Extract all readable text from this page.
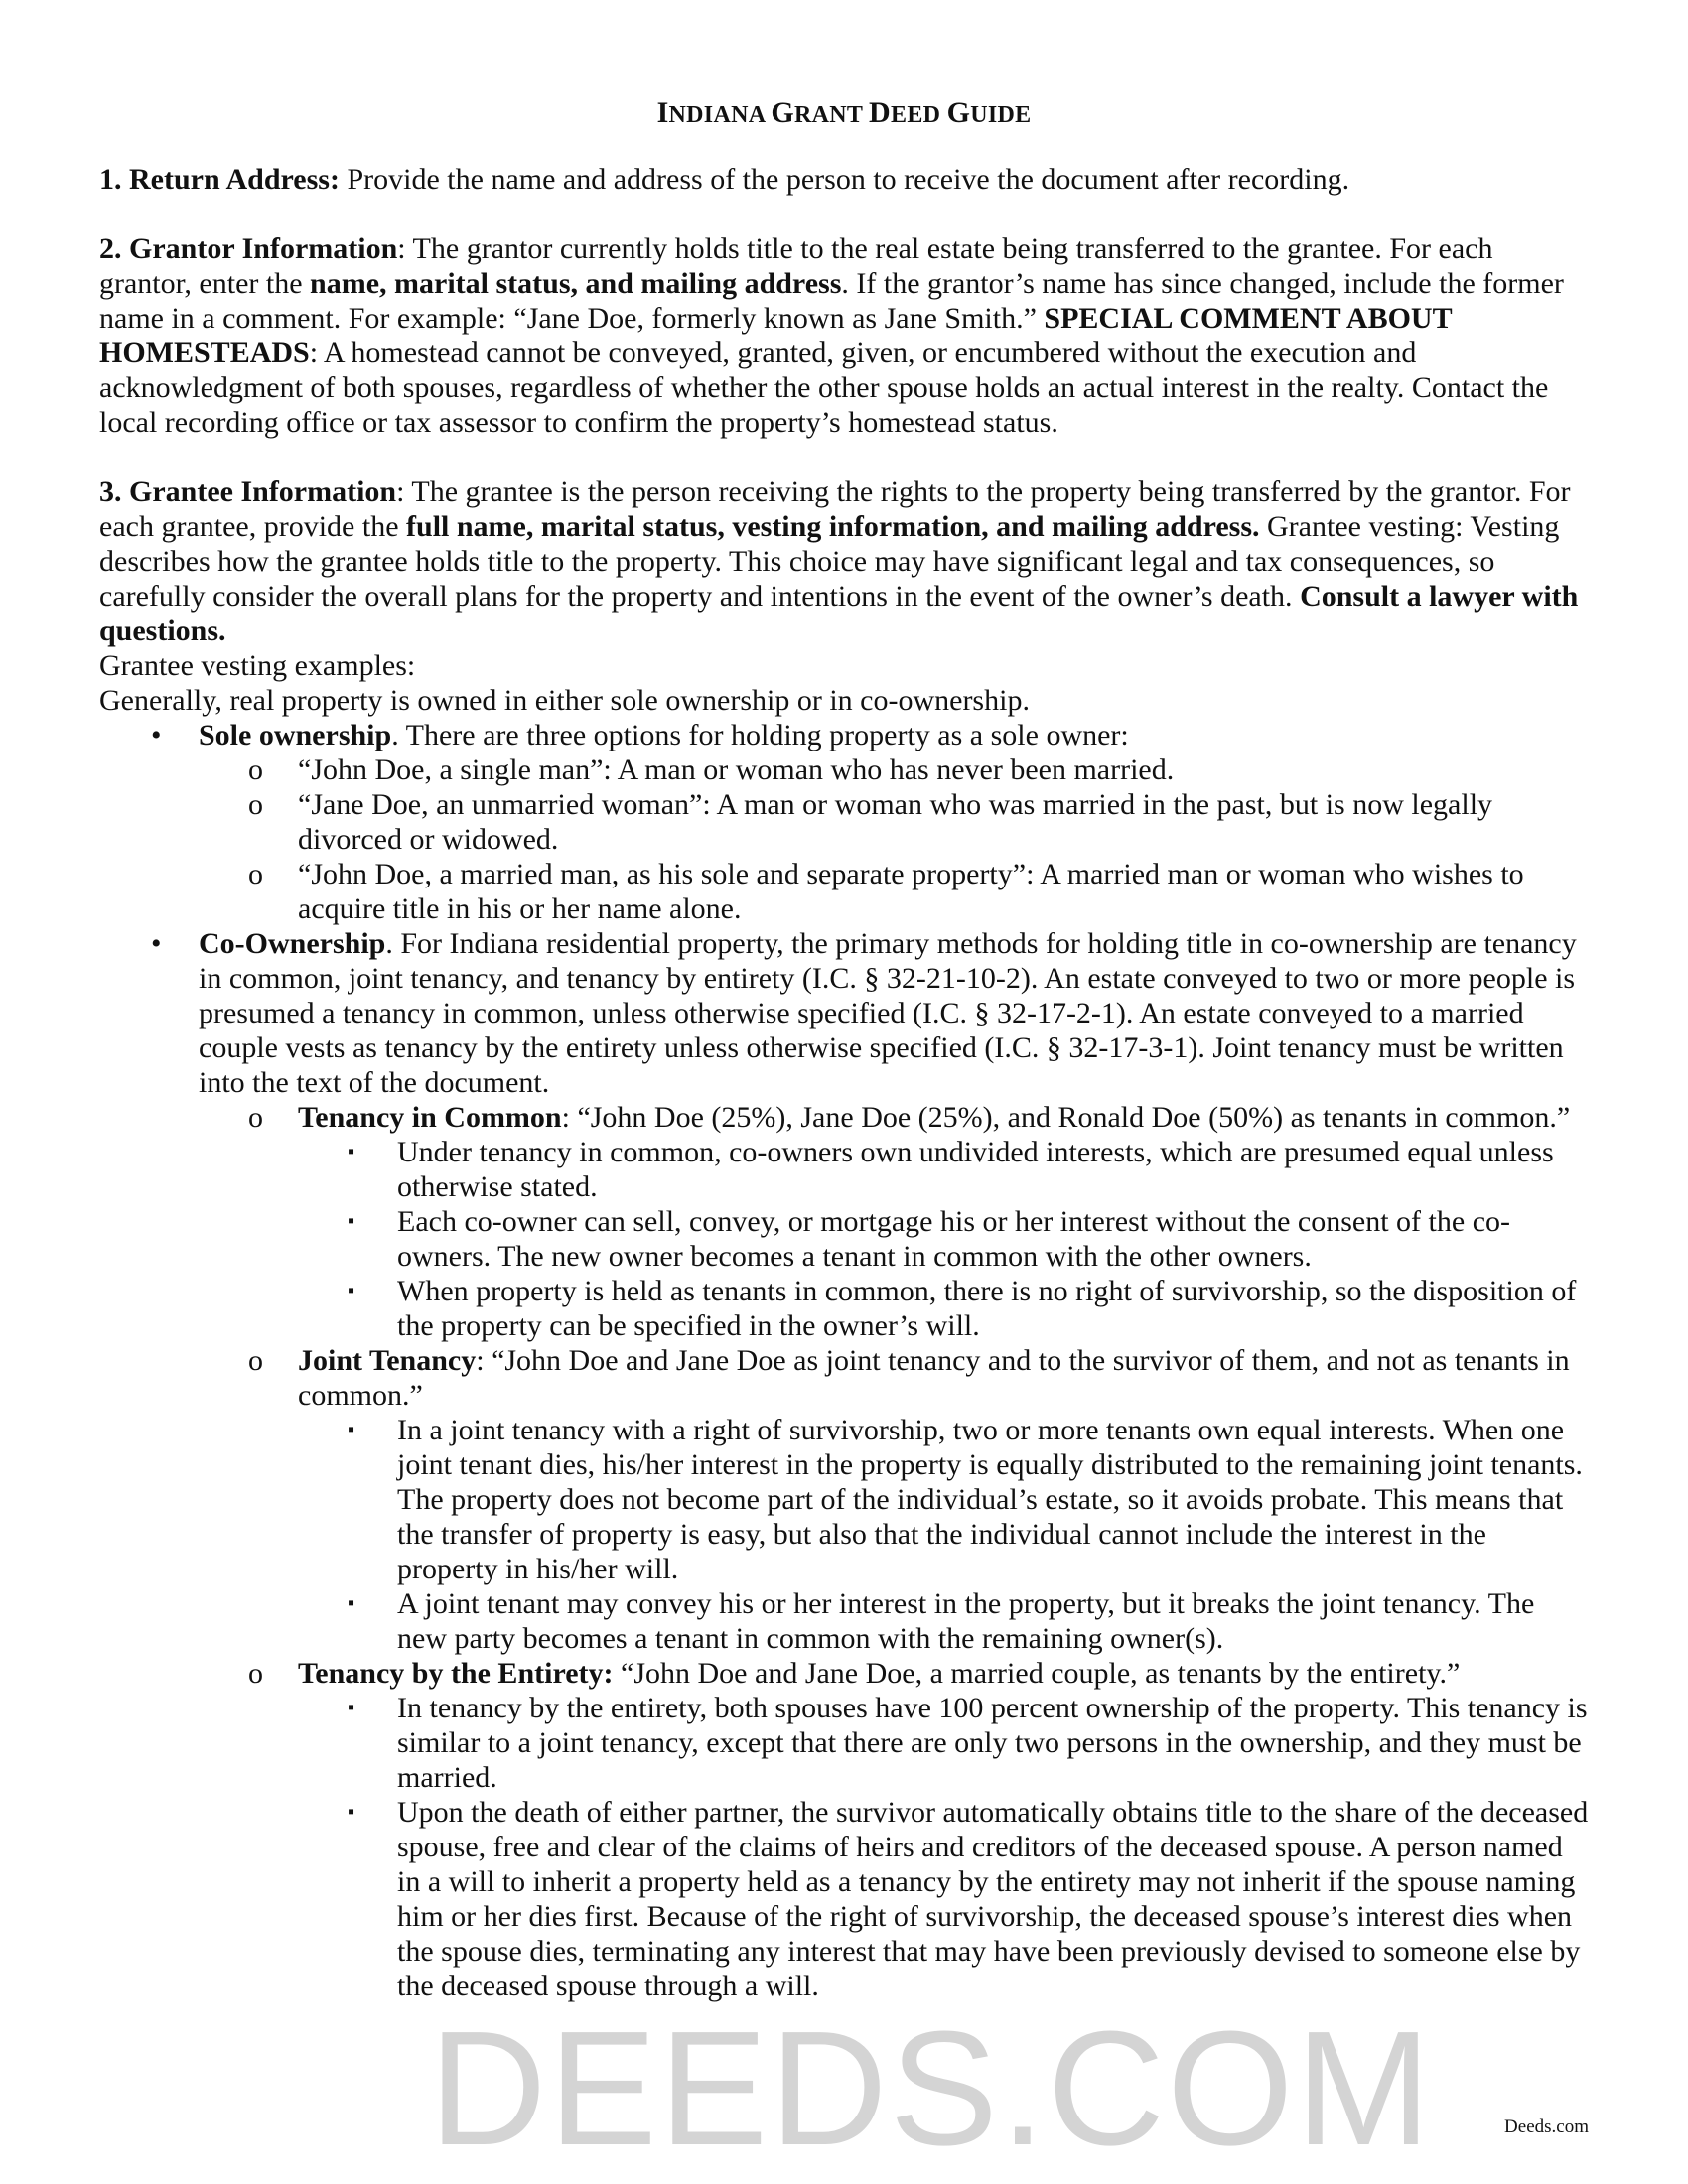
INDIANA GRANT DEED GUIDE

1. Return Address: Provide the name and address of the person to receive the document after recording.

2. Grantor Information: The grantor currently holds title to the real estate being transferred to the grantee. For each grantor, enter the name, marital status, and mailing address. If the grantor’s name has since changed, include the former name in a comment. For example: “Jane Doe, formerly known as Jane Smith.” SPECIAL COMMENT ABOUT HOMESTEADS: A homestead cannot be conveyed, granted, given, or encumbered without the execution and acknowledgment of both spouses, regardless of whether the other spouse holds an actual interest in the realty. Contact the local recording office or tax assessor to confirm the property’s homestead status.

3. Grantee Information: The grantee is the person receiving the rights to the property being transferred by the grantor. For each grantee, provide the full name, marital status, vesting information, and mailing address. Grantee vesting: Vesting describes how the grantee holds title to the property. This choice may have significant legal and tax consequences, so carefully consider the overall plans for the property and intentions in the event of the owner’s death. Consult a lawyer with questions.

Grantee vesting examples:

Generally, real property is owned in either sole ownership or in co-ownership.

• Sole ownership. There are three options for holding property as a sole owner:
o “John Doe, a single man”: A man or woman who has never been married.
o “Jane Doe, an unmarried woman”: A man or woman who was married in the past, but is now legally divorced or widowed.
o “John Doe, a married man, as his sole and separate property”: A married man or woman who wishes to acquire title in his or her name alone.
• Co-Ownership. For Indiana residential property, the primary methods for holding title in co-ownership are tenancy in common, joint tenancy, and tenancy by entirety (I.C. § 32-21-10-2). An estate conveyed to two or more people is presumed a tenancy in common, unless otherwise specified (I.C. § 32-17-2-1). An estate conveyed to a married couple vests as tenancy by the entirety unless otherwise specified (I.C. § 32-17-3-1). Joint tenancy must be written into the text of the document.
o Tenancy in Common: “John Doe (25%), Jane Doe (25%), and Ronald Doe (50%) as tenants in common.”
▪ Under tenancy in common, co-owners own undivided interests, which are presumed equal unless otherwise stated.
▪ Each co-owner can sell, convey, or mortgage his or her interest without the consent of the co-owners. The new owner becomes a tenant in common with the other owners.
▪ When property is held as tenants in common, there is no right of survivorship, so the disposition of the property can be specified in the owner’s will.
o Joint Tenancy: “John Doe and Jane Doe as joint tenancy and to the survivor of them, and not as tenants in common.”
▪ In a joint tenancy with a right of survivorship, two or more tenants own equal interests. When one joint tenant dies, his/her interest in the property is equally distributed to the remaining joint tenants. The property does not become part of the individual’s estate, so it avoids probate. This means that the transfer of property is easy, but also that the individual cannot include the interest in the property in his/her will.
▪ A joint tenant may convey his or her interest in the property, but it breaks the joint tenancy. The new party becomes a tenant in common with the remaining owner(s).
o Tenancy by the Entirety: “John Doe and Jane Doe, a married couple, as tenants by the entirety.”
▪ In tenancy by the entirety, both spouses have 100 percent ownership of the property. This tenancy is similar to a joint tenancy, except that there are only two persons in the ownership, and they must be married.
▪ Upon the death of either partner, the survivor automatically obtains title to the share of the deceased spouse, free and clear of the claims of heirs and creditors of the deceased spouse. A person named in a will to inherit a property held as a tenancy by the entirety may not inherit if the spouse naming him or her dies first. Because of the right of survivorship, the deceased spouse’s interest dies when the spouse dies, terminating any interest that may have been previously devised to someone else by the deceased spouse through a will.
DEEDS.COM	Deeds.com
